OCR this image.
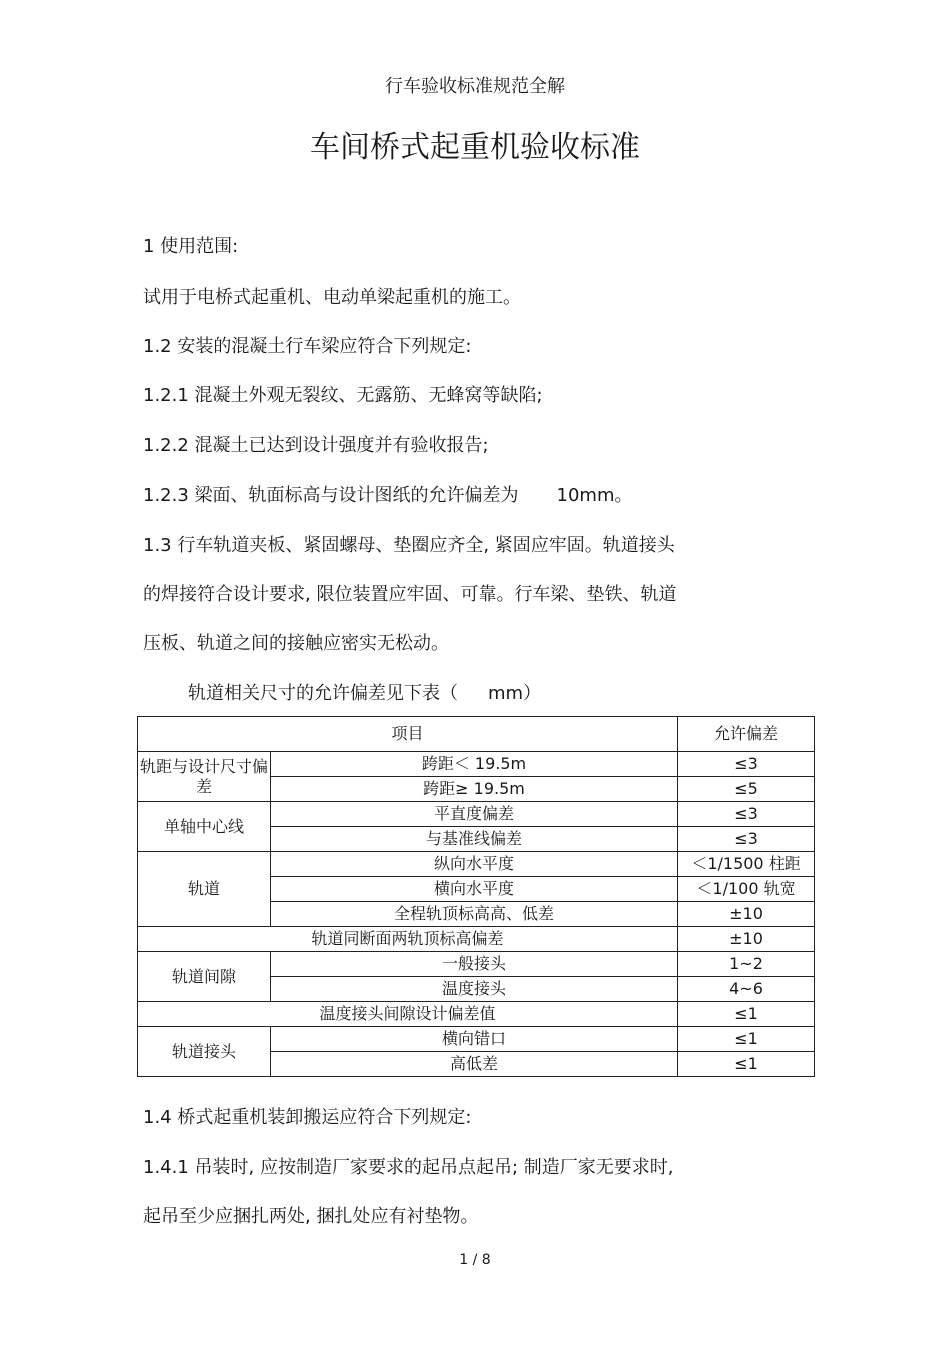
行车验收标准规范全解
车间桥式起重机验收标准
1 使用范围:
试用于电桥式起重机、电动单梁起重机的施工。
1.2 安装的混凝土行车梁应符合下列规定:
1.2.1 混凝土外观无裂纹、无露筋、无蜂窝等缺陷;
1.2.2 混凝土已达到设计强度并有验收报告;
1.2.3 梁面、轨面标高与设计图纸的允许偏差为 10mm。
1.3 行车轨道夹板、紧固螺母、垫圈应齐全, 紧固应牢固。轨道接头
的焊接符合设计要求, 限位装置应牢固、可靠。行车梁、垫铁、轨道
压板、轨道之间的接触应密实无松动。
轨道相关尺寸的允许偏差见下表（ mm）
项目		允许偏差
轨距与设计尺寸偏差	跨距＜ 19.5m	≤3
	跨距≥ 19.5m	≤5
单轴中心线	平直度偏差	≤3
	与基准线偏差	≤3
轨道	纵向水平度	＜1/1500 柱距
	横向水平度	＜1/100 轨宽
	全程轨顶标高高、低差	±10
轨道同断面两轨顶标高偏差		±10
轨道间隙	一般接头	1~2
	温度接头	4~6
温度接头间隙设计偏差值		≤1
轨道接头	横向错口	≤1
	高低差	≤1
1.4 桥式起重机装卸搬运应符合下列规定:
1.4.1 吊装时, 应按制造厂家要求的起吊点起吊; 制造厂家无要求时,
起吊至少应捆扎两处, 捆扎处应有衬垫物。
1 / 8
